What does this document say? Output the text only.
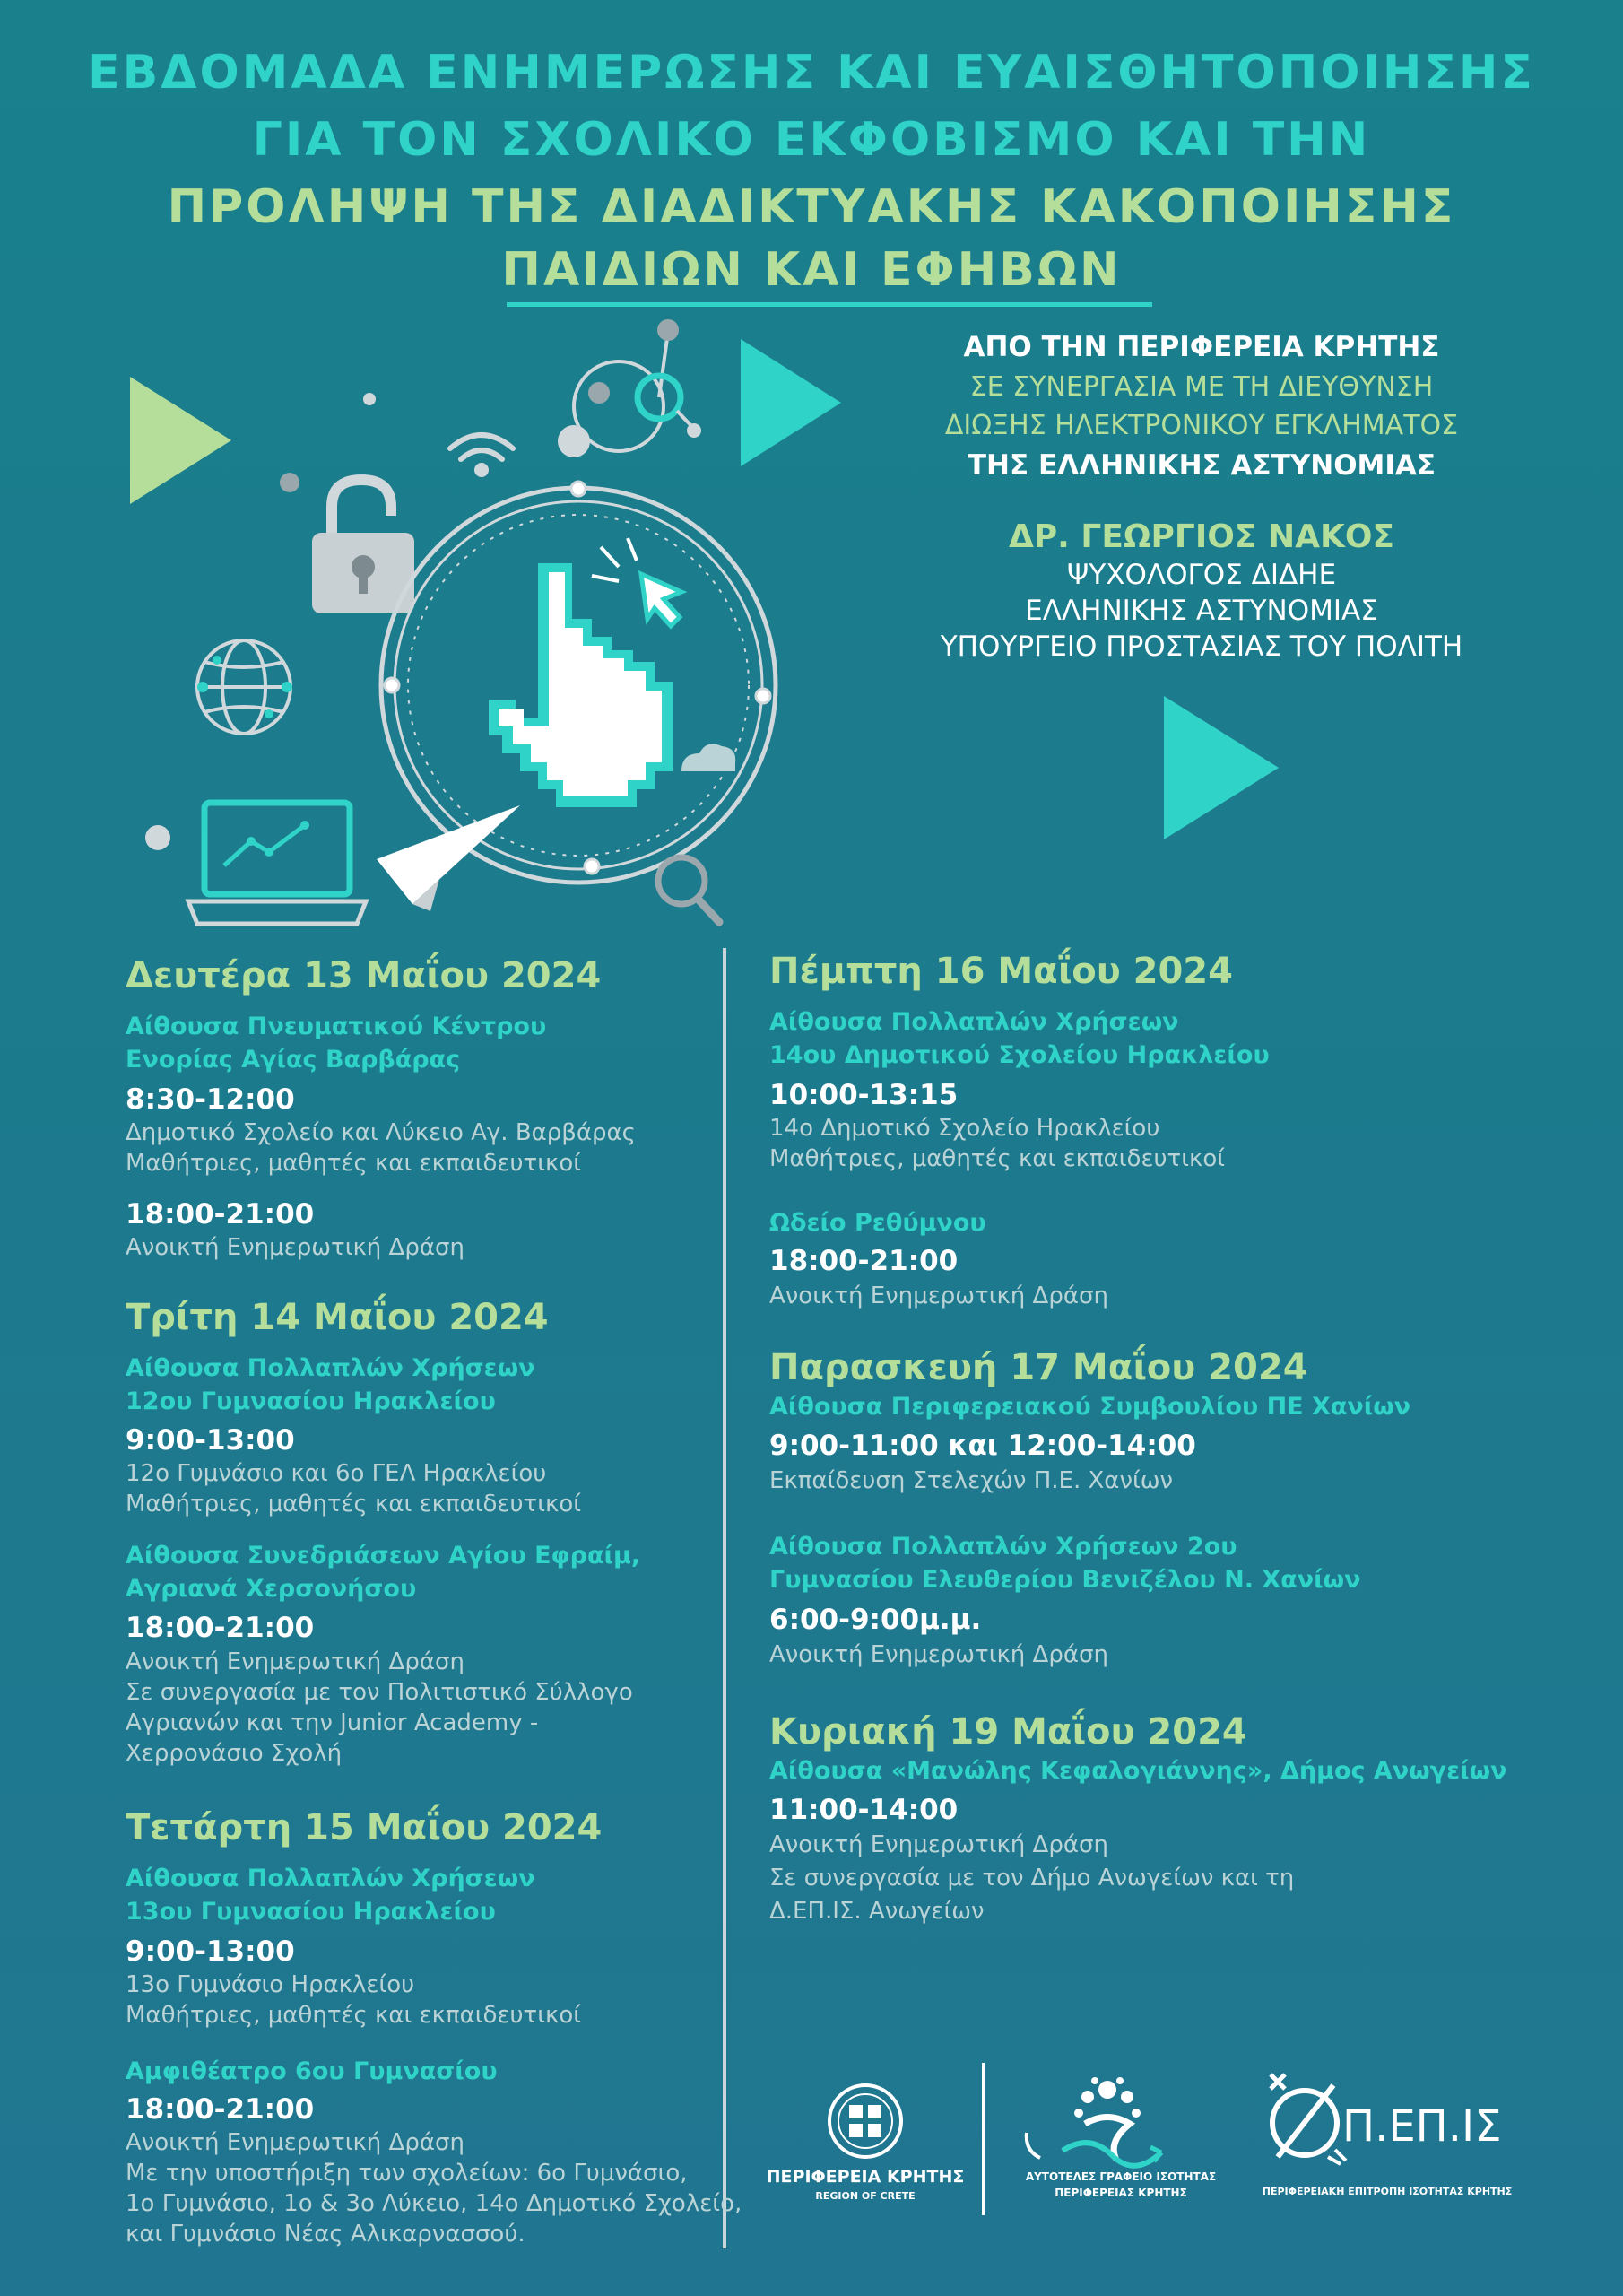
ΕΒΔΟΜΑΔΑ ΕΝΗΜΕΡΩΣΗΣ ΚΑΙ ΕΥΑΙΣΘΗΤΟΠΟΙΗΣΗΣ
ΓΙΑ ΤΟΝ ΣΧΟΛΙΚΟ ΕΚΦΟΒΙΣΜΟ ΚΑΙ ΤΗΝ
ΠΡΟΛΗΨΗ ΤΗΣ ΔΙΑΔΙΚΤΥΑΚΗΣ ΚΑΚΟΠΟΙΗΣΗΣ
ΠΑΙΔΙΩΝ ΚΑΙ ΕΦΗΒΩΝ
ΑΠΟ ΤΗΝ ΠΕΡΙΦΕΡΕΙΑ ΚΡΗΤΗΣ
ΣΕ ΣΥΝΕΡΓΑΣΙΑ ΜΕ ΤΗ ΔΙΕΥΘΥΝΣΗ
ΔΙΩΞΗΣ ΗΛΕΚΤΡΟΝΙΚΟΥ ΕΓΚΛΗΜΑΤΟΣ
ΤΗΣ ΕΛΛΗΝΙΚΗΣ ΑΣΤΥΝΟΜΙΑΣ
ΔΡ. ΓΕΩΡΓΙΟΣ ΝΑΚΟΣ
ΨΥΧΟΛΟΓΟΣ ΔΙΔΗΕ
ΕΛΛΗΝΙΚΗΣ ΑΣΤΥΝΟΜΙΑΣ
ΥΠΟΥΡΓΕΙΟ ΠΡΟΣΤΑΣΙΑΣ ΤΟΥ ΠΟΛΙΤΗ
Δευτέρα 13 Μαΐου 2024
Αίθουσα Πνευματικού Κέντρου
Ενορίας Αγίας Βαρβάρας
8:30-12:00
Δημοτικό Σχολείο και Λύκειο Αγ. Βαρβάρας
Μαθήτριες, μαθητές και εκπαιδευτικοί
18:00-21:00
Ανοικτή Ενημερωτική Δράση
Τρίτη 14 Μαΐου 2024
Αίθουσα Πολλαπλών Χρήσεων
12ου Γυμνασίου Ηρακλείου
9:00-13:00
12ο Γυμνάσιο και 6ο ΓΕΛ Ηρακλείου
Μαθήτριες, μαθητές και εκπαιδευτικοί
Αίθουσα Συνεδριάσεων Αγίου Εφραίμ,
Αγριανά Χερσονήσου
18:00-21:00
Ανοικτή Ενημερωτική Δράση
Σε συνεργασία με τον Πολιτιστικό Σύλλογο
Αγριανών και την Junior Academy -
Χερρονάσιο Σχολή
Τετάρτη 15 Μαΐου 2024
Αίθουσα Πολλαπλών Χρήσεων
13ου Γυμνασίου Ηρακλείου
9:00-13:00
13ο Γυμνάσιο Ηρακλείου
Μαθήτριες, μαθητές και εκπαιδευτικοί
Αμφιθέατρο 6ου Γυμνασίου
18:00-21:00
Ανοικτή Ενημερωτική Δράση
Με την υποστήριξη των σχολείων: 6ο Γυμνάσιο,
1ο Γυμνάσιο, 1ο & 3ο Λύκειο, 14ο Δημοτικό Σχολείο,
και Γυμνάσιο Νέας Αλικαρνασσού.
Πέμπτη 16 Μαΐου 2024
Αίθουσα Πολλαπλών Χρήσεων
14ου Δημοτικού Σχολείου Ηρακλείου
10:00-13:15
14ο Δημοτικό Σχολείο Ηρακλείου
Μαθήτριες, μαθητές και εκπαιδευτικοί
Ωδείο Ρεθύμνου
18:00-21:00
Ανοικτή Ενημερωτική Δράση
Παρασκευή 17 Μαΐου 2024
Αίθουσα Περιφερειακού Συμβουλίου ΠΕ Χανίων
9:00-11:00 και 12:00-14:00
Εκπαίδευση Στελεχών Π.Ε. Χανίων
Αίθουσα Πολλαπλών Χρήσεων 2ου
Γυμνασίου Ελευθερίου Βενιζέλου Ν. Χανίων
6:00-9:00μ.μ.
Ανοικτή Ενημερωτική Δράση
Κυριακή 19 Μαΐου 2024
Αίθουσα «Μανώλης Κεφαλογιάννης», Δήμος Ανωγείων
11:00-14:00
Ανοικτή Ενημερωτική Δράση
Σε συνεργασία με τον Δήμο Ανωγείων και τη
Δ.ΕΠ.ΙΣ. Ανωγείων
ΠΕΡΙΦΕΡΕΙΑ ΚΡΗΤΗΣ
REGION OF CRETE
ΑΥΤΟΤΕΛΕΣ ΓΡΑΦΕΙΟ ΙΣΟΤΗΤΑΣ
ΠΕΡΙΦΕΡΕΙΑΣ ΚΡΗΤΗΣ
Π.ΕΠ.ΙΣ
ΠΕΡΙΦΕΡΕΙΑΚΗ ΕΠΙΤΡΟΠΗ ΙΣΟΤΗΤΑΣ ΚΡΗΤΗΣ
